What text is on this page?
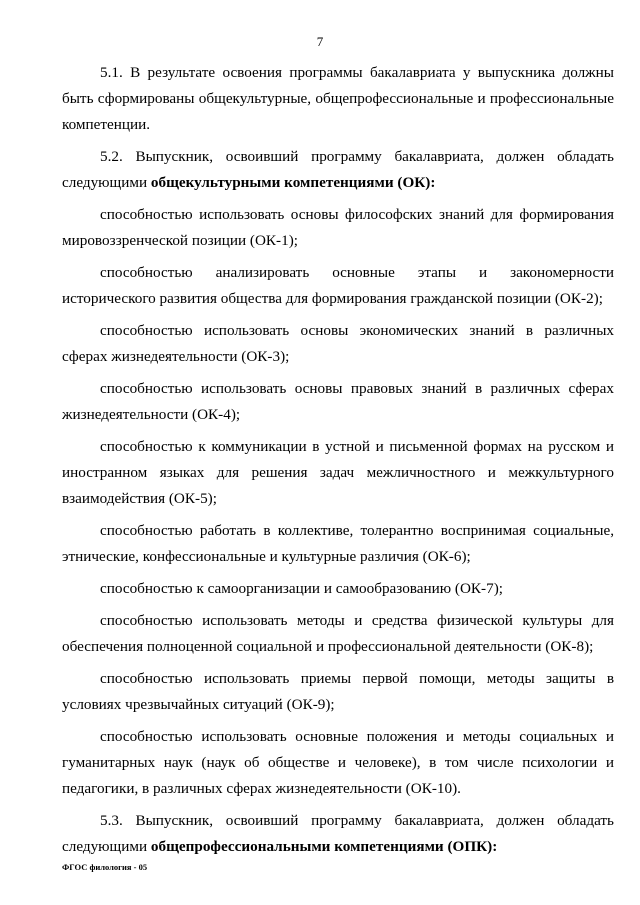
7

5.1. В результате освоения программы бакалавриата у выпускника должны быть сформированы общекультурные, общепрофессиональные и профессиональные компетенции.

5.2. Выпускник, освоивший программу бакалавриата, должен обладать следующими общекультурными компетенциями (ОК):

способностью использовать основы философских знаний для формирования мировоззренческой позиции (ОК-1);

способностью анализировать основные этапы и закономерности исторического развития общества для формирования гражданской позиции (ОК-2);

способностью использовать основы экономических знаний в различных сферах жизнедеятельности (ОК-3);

способностью использовать основы правовых знаний в различных сферах жизнедеятельности (ОК-4);

способностью к коммуникации в устной и письменной формах на русском и иностранном языках для решения задач межличностного и межкультурного взаимодействия (ОК-5);

способностью работать в коллективе, толерантно воспринимая социальные, этнические, конфессиональные и культурные различия (ОК-6);

способностью к самоорганизации и самообразованию (ОК-7);

способностью использовать методы и средства физической культуры для обеспечения полноценной социальной и профессиональной деятельности (ОК-8);

способностью использовать приемы первой помощи, методы защиты в условиях чрезвычайных ситуаций (ОК-9);

способностью использовать основные положения и методы социальных и гуманитарных наук (наук об обществе и человеке), в том числе психологии и педагогики, в различных сферах жизнедеятельности (ОК-10).

5.3. Выпускник, освоивший программу бакалавриата, должен обладать следующими общепрофессиональными компетенциями (ОПК):

ФГОС филология - 05
